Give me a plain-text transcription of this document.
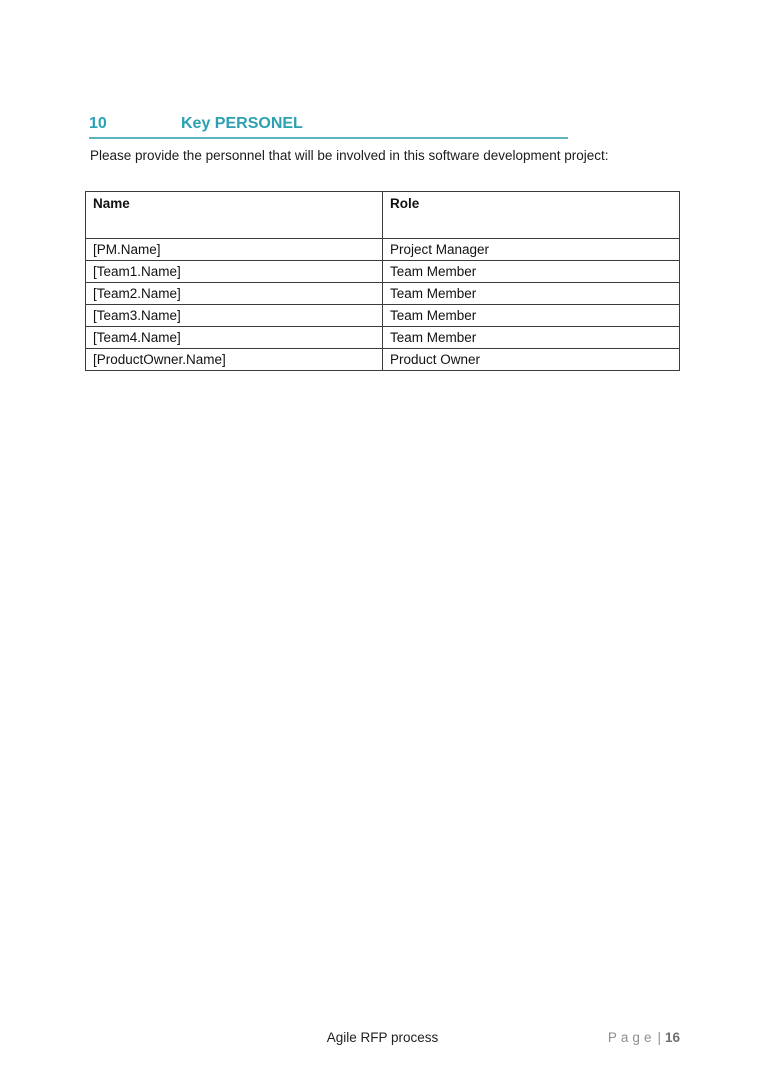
10	Key PERSONEL

Please provide the personnel that will be involved in this software development project:

Name	Role
[PM.Name]	Project Manager
[Team1.Name]	Team Member
[Team2.Name]	Team Member
[Team3.Name]	Team Member
[Team4.Name]	Team Member
[ProductOwner.Name]	Product Owner
Agile RFP process	Page | 16
